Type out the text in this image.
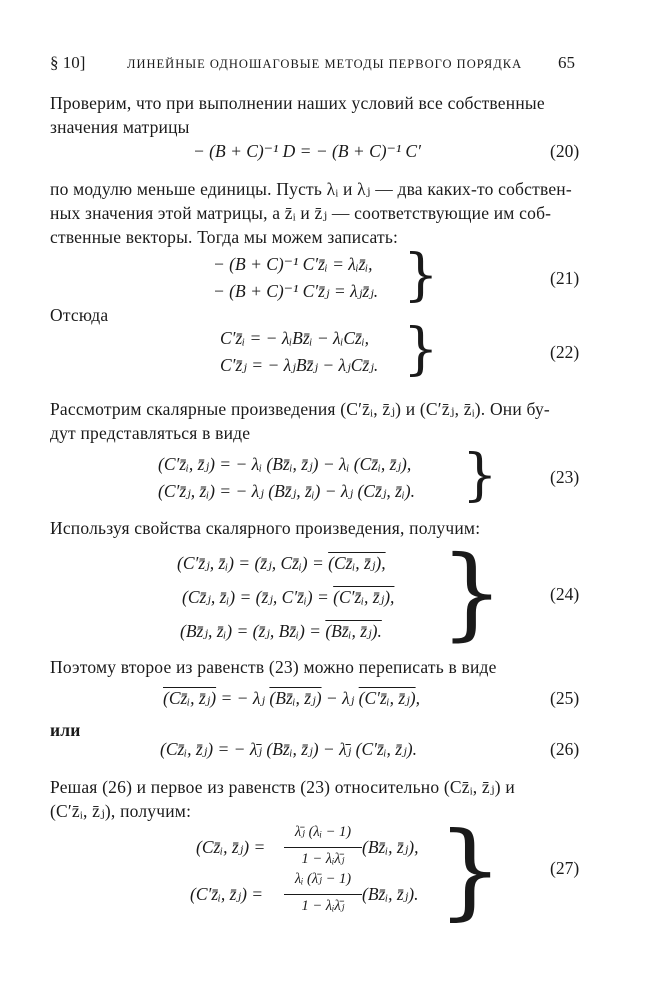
§ 10]	ЛИНЕЙНЫЕ ОДНОШАГОВЫЕ МЕТОДЫ ПЕРВОГО ПОРЯДКА 65
Проверим, что при выполнении наших условий все собственные
значения матрицы
− (B + C)⁻¹ D = − (B + C)⁻¹ C′	(20)
по модулю меньше единицы. Пусть λᵢ и λⱼ — два каких-то собствен-
ных значения этой матрицы, а z̄ᵢ и z̄ⱼ — соответствующие им соб-
ственные векторы. Тогда мы можем записать:
− (B + C)⁻¹ C′z̄ᵢ = λᵢz̄ᵢ,
− (B + C)⁻¹ C′z̄ⱼ = λⱼz̄ⱼ. }	(21)
Отсюда
C′z̄ᵢ = − λᵢBz̄ᵢ − λᵢCz̄ᵢ,
C′z̄ⱼ = − λⱼBz̄ⱼ − λⱼCz̄ⱼ. }	(22)
Рассмотрим скалярные произведения (C′z̄ᵢ, z̄ⱼ) и (C′z̄ⱼ, z̄ᵢ). Они бу-
дут представляться в виде
(C′z̄ᵢ, z̄ⱼ) = − λᵢ (Bz̄ᵢ, z̄ⱼ) − λᵢ (Cz̄ᵢ, z̄ⱼ),
(C′z̄ⱼ, z̄ᵢ) = − λⱼ (Bz̄ⱼ, z̄ᵢ) − λⱼ (Cz̄ⱼ, z̄ᵢ). }	(23)
Используя свойства скалярного произведения, получим:
(C′z̄ⱼ, z̄ᵢ) = (z̄ⱼ, Cz̄ᵢ) = (Cz̄ᵢ, z̄ⱼ),
(Cz̄ⱼ, z̄ᵢ) = (z̄ⱼ, C′z̄ᵢ) = (C′z̄ᵢ, z̄ⱼ),
(Bz̄ⱼ, z̄ᵢ) = (z̄ⱼ, Bz̄ᵢ) = (Bz̄ᵢ, z̄ⱼ). }	(24)
Поэтому второе из равенств (23) можно переписать в виде
(Cz̄ᵢ, z̄ⱼ) = − λⱼ (Bz̄ᵢ, z̄ⱼ) − λⱼ (C′z̄ᵢ, z̄ⱼ),	(25)
или
(Cz̄ᵢ, z̄ⱼ) = − λ̄ⱼ (Bz̄ᵢ, z̄ⱼ) − λ̄ⱼ (C′z̄ᵢ, z̄ⱼ).	(26)
Решая (26) и первое из равенств (23) относительно (Cz̄ᵢ, z̄ⱼ) и
(C′z̄ᵢ, z̄ⱼ), получим:
(Cz̄ᵢ, z̄ⱼ) =
λ̄ⱼ (λᵢ − 1)
1 − λᵢλ̄ⱼ
(Bz̄ᵢ, z̄ⱼ),
(C′z̄ᵢ, z̄ⱼ) =
λᵢ (λ̄ⱼ − 1)
1 − λᵢλ̄ⱼ
(Bz̄ᵢ, z̄ⱼ). }	(27)
